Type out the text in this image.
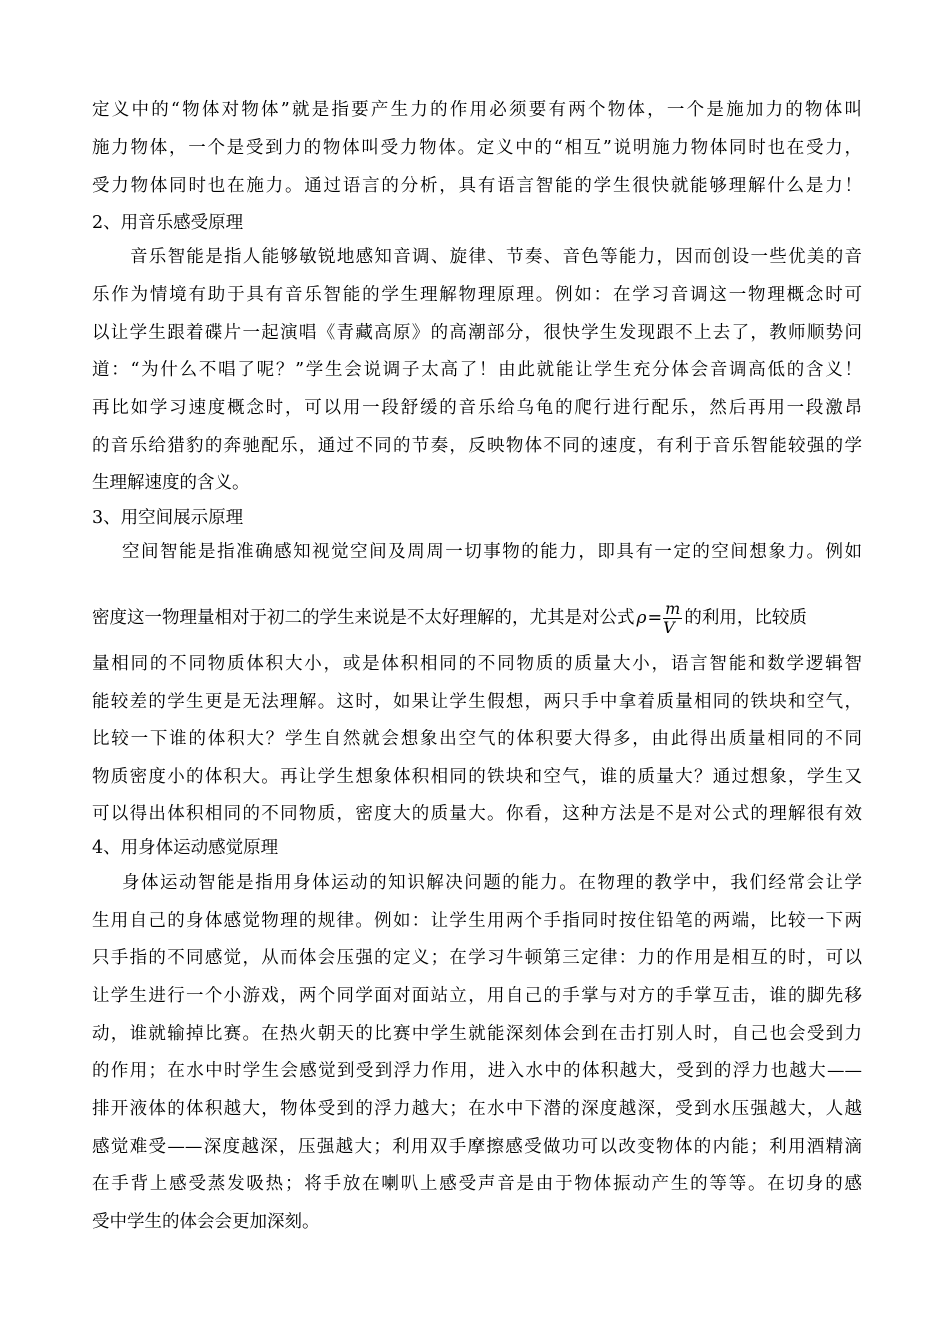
定义中的“物体对物体”就是指要产生力的作用必须要有两个物体，一个是施加力的物体叫
施力物体，一个是受到力的物体叫受力物体。定义中的“相互”说明施力物体同时也在受力，
受力物体同时也在施力。通过语言的分析，具有语言智能的学生很快就能够理解什么是力！
2、用音乐感受原理
音乐智能是指人能够敏锐地感知音调、旋律、节奏、音色等能力，因而创设一些优美的音
乐作为情境有助于具有音乐智能的学生理解物理原理。例如：在学习音调这一物理概念时可
以让学生跟着碟片一起演唱《青藏高原》的高潮部分，很快学生发现跟不上去了，教师顺势问
道：“为什么不唱了呢？”学生会说调子太高了！由此就能让学生充分体会音调高低的含义！
再比如学习速度概念时，可以用一段舒缓的音乐给乌龟的爬行进行配乐，然后再用一段激昂
的音乐给猎豹的奔驰配乐，通过不同的节奏，反映物体不同的速度，有利于音乐智能较强的学
生理解速度的含义。
3、用空间展示原理
空间智能是指准确感知视觉空间及周周一切事物的能力，即具有一定的空间想象力。例如
密度这一物理量相对于初二的学生来说是不太好理解的，尤其是对公式 $\rho= \frac{m}{V}$ 的利用，比较质
量相同的不同物质体积大小，或是体积相同的不同物质的质量大小，语言智能和数学逻辑智
能较差的学生更是无法理解。这时，如果让学生假想，两只手中拿着质量相同的铁块和空气，
比较一下谁的体积大？学生自然就会想象出空气的体积要大得多，由此得出质量相同的不同
物质密度小的体积大。再让学生想象体积相同的铁块和空气，谁的质量大？通过想象，学生又
可以得出体积相同的不同物质，密度大的质量大。你看，这种方法是不是对公式的理解很有效
4、用身体运动感觉原理
身体运动智能是指用身体运动的知识解决问题的能力。在物理的教学中，我们经常会让学
生用自己的身体感觉物理的规律。例如：让学生用两个手指同时按住铅笔的两端，比较一下两
只手指的不同感觉，从而体会压强的定义；在学习牛顿第三定律：力的作用是相互的时，可以
让学生进行一个小游戏，两个同学面对面站立，用自己的手掌与对方的手掌互击，谁的脚先移
动，谁就输掉比赛。在热火朝天的比赛中学生就能深刻体会到在击打别人时，自己也会受到力
的作用；在水中时学生会感觉到受到浮力作用，进入水中的体积越大，受到的浮力也越大——
排开液体的体积越大，物体受到的浮力越大；在水中下潜的深度越深，受到水压强越大，人越
感觉难受——深度越深，压强越大；利用双手摩擦感受做功可以改变物体的内能；利用酒精滴
在手背上感受蒸发吸热；将手放在喇叭上感受声音是由于物体振动产生的等等。在切身的感
受中学生的体会会更加深刻。
